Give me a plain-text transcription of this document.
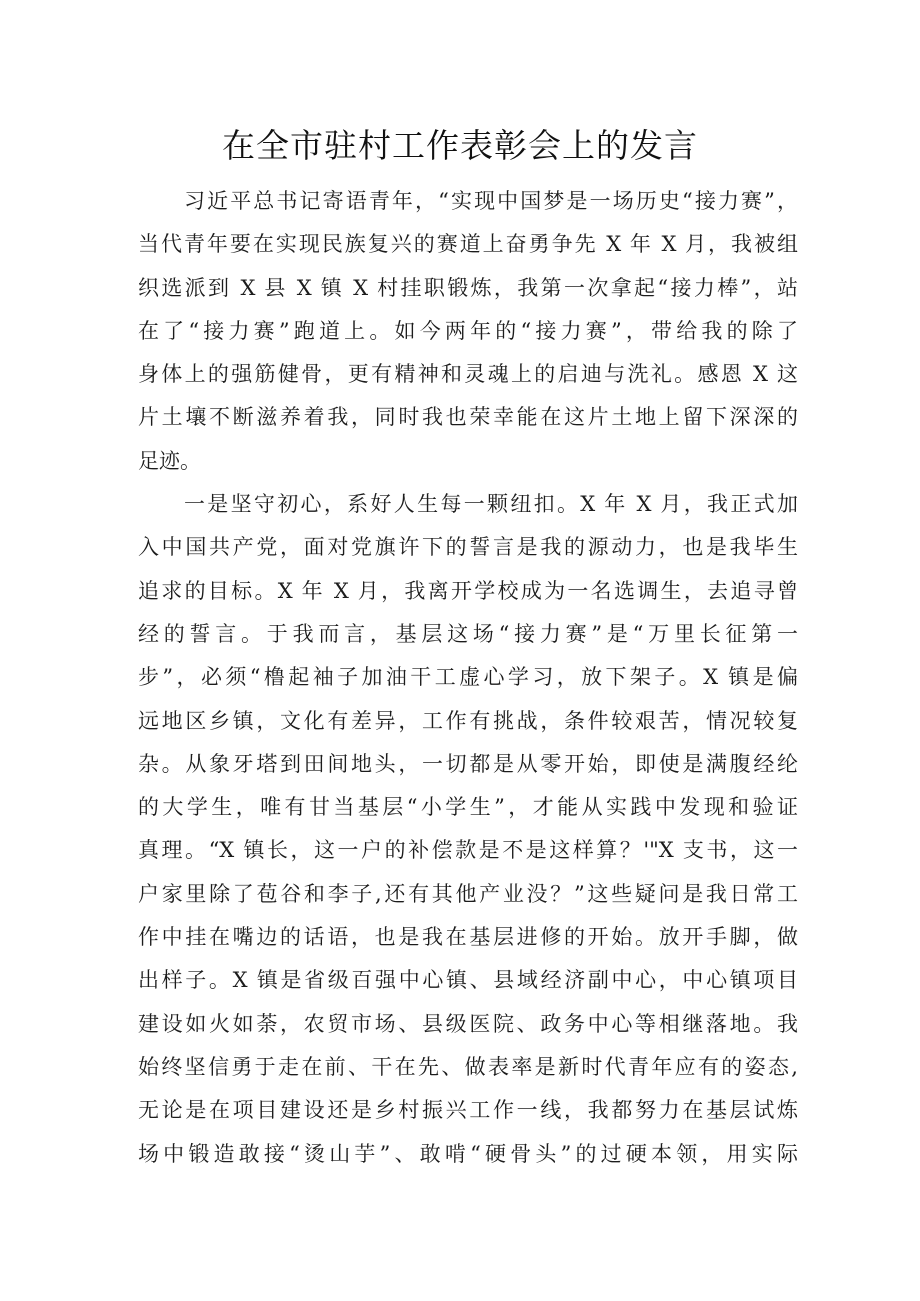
在全市驻村工作表彰会上的发言
习近平总书记寄语青年，“实现中国梦是一场历史“接力赛”，
当代青年要在实现民族复兴的赛道上奋勇争先 X 年 X 月，我被组
织选派到 X 县 X 镇 X 村挂职锻炼，我第一次拿起“接力棒”，站
在了“接力赛”跑道上。如今两年的“接力赛”，带给我的除了
身体上的强筋健骨，更有精神和灵魂上的启迪与洗礼。感恩 X 这
片土壤不断滋养着我，同时我也荣幸能在这片土地上留下深深的
足迹。
一是坚守初心，系好人生每一颗纽扣。X 年 X 月，我正式加
入中国共产党，面对党旗许下的誓言是我的源动力，也是我毕生
追求的目标。X 年 X 月，我离开学校成为一名选调生，去追寻曾
经的誓言。于我而言，基层这场“接力赛”是“万里长征第一
步”，必须“橹起袖子加油干工虚心学习，放下架子。X 镇是偏
远地区乡镇，文化有差异，工作有挑战，条件较艰苦，情况较复
杂。从象牙塔到田间地头，一切都是从零开始，即使是满腹经纶
的大学生，唯有甘当基层“小学生”，才能从实践中发现和验证
真理。“X 镇长，这一户的补偿款是不是这样算？'"X 支书，这一
户家里除了苞谷和李子,还有其他产业没？”这些疑问是我日常工
作中挂在嘴边的话语，也是我在基层进修的开始。放开手脚，做
出样子。X 镇是省级百强中心镇、县域经济副中心，中心镇项目
建设如火如荼，农贸市场、县级医院、政务中心等相继落地。我
始终坚信勇于走在前、干在先、做表率是新时代青年应有的姿态,
无论是在项目建设还是乡村振兴工作一线，我都努力在基层试炼
场中锻造敢接“烫山芋”、敢啃“硬骨头”的过硬本领，用实际
